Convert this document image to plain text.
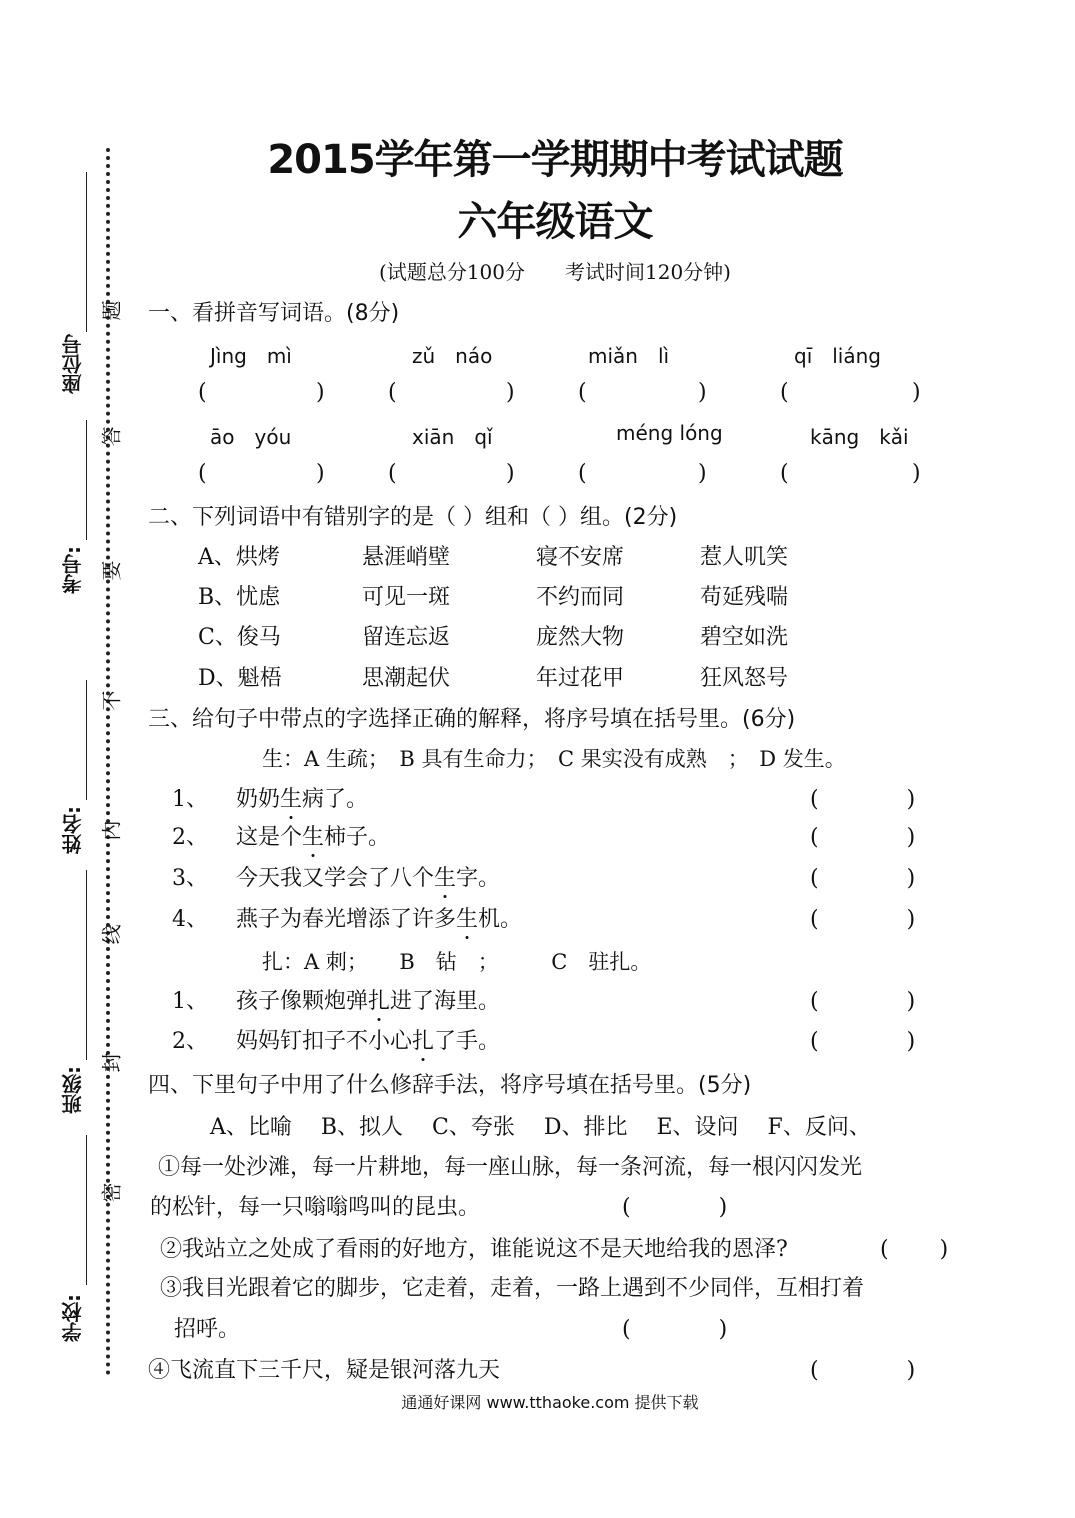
座位号
考号:
姓名:
班级:
学校:
题
答
要
不
内
线
封
密
2015学年第一学期期中考试试题
六年级语文
(试题总分100分　　考试时间120分钟)
一、看拼音写词语。(8分)
Jìng　mì	zǔ　náo	miǎn　lì	qī　liáng
(	)	(	)	(	)	(	)
āo　yóu	xiān　qǐ	méng lóng	kāng　kǎi
(	)	(	)	(	)	(	)
二、下列词语中有错别字的是（ ）组和（ ）组。(2分)
A、烘烤	悬涯峭壁	寝不安席	惹人叽笑
B、忧虑	可见一斑	不约而同	苟延残喘
C、俊马	留连忘返	庞然大物	碧空如洗
D、魁梧	思潮起伏	年过花甲	狂风怒号
三、给句子中带点的字选择正确的解释，将序号填在括号里。(6分)
生：A 生疏；　B 具有生命力；　C 果实没有成熟　；　D 发生。
1、 奶奶生病了。	(　　　　)
2、 这是个生柿子。	(　　　　)
3、 今天我又学会了八个生字。	(　　　　)
4、 燕子为春光增添了许多生机。	(　　　　)
扎：A 刺；　　B　钻　；　　　C　驻扎。
1、 孩子像颗炮弹扎进了海里。	(　　　　)
2、 妈妈钉扣子不小心扎了手。	(　　　　)
四、下里句子中用了什么修辞手法，将序号填在括号里。(5分)
A、比喻　 B、拟人　 C、夸张　 D、排比　 E、设问　 F、反问、
①每一处沙滩，每一片耕地，每一座山脉，每一条河流，每一根闪闪发光
的松针，每一只嗡嗡鸣叫的昆虫。	(　　　　)
②我站立之处成了看雨的好地方，谁能说这不是天地给我的恩泽?	(　　 )
③我目光跟着它的脚步，它走着，走着，一路上遇到不少同伴，互相打着
招呼。	(　　　　)
④飞流直下三千尺，疑是银河落九天	(　　　　)
通通好课网 www.tthaoke.com 提供下载
